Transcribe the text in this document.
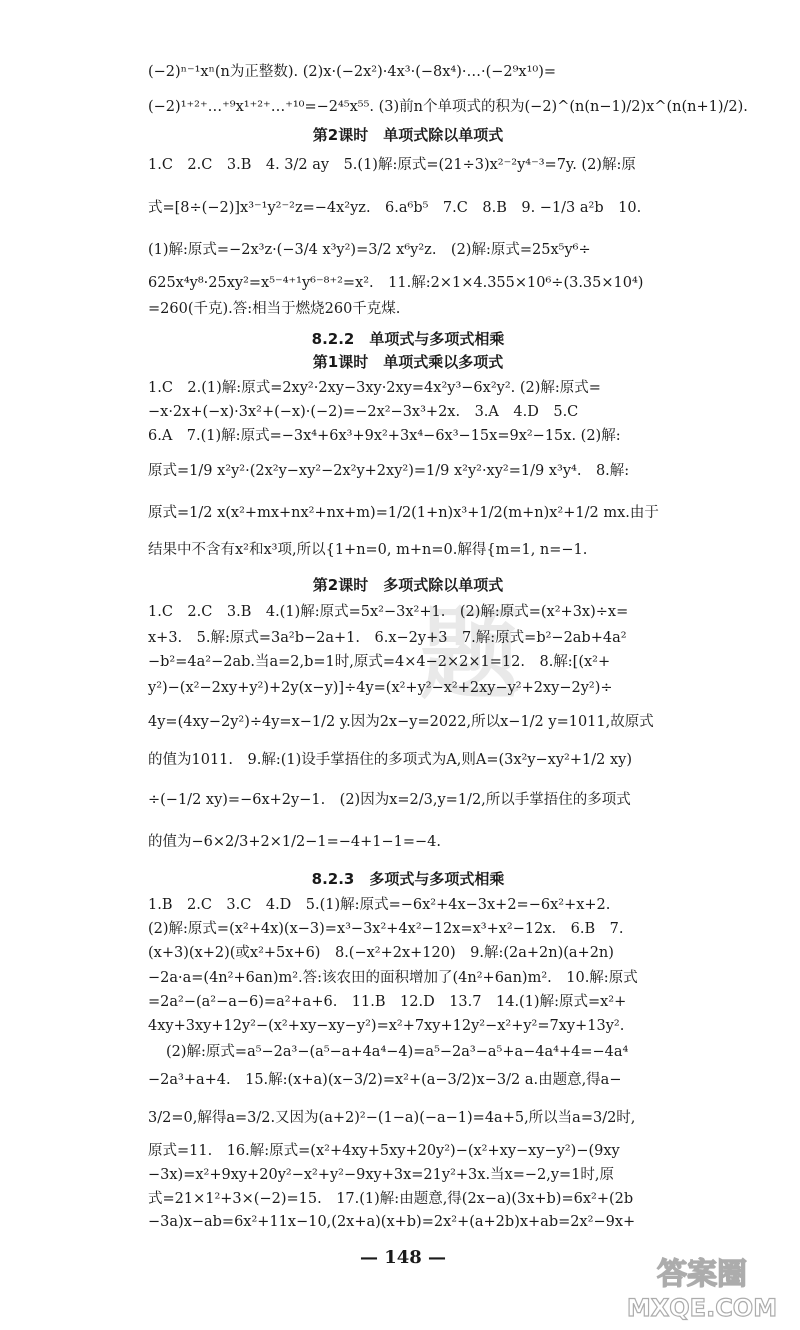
题
(−2)ⁿ⁻¹xⁿ(n为正整数). (2)x·(−2x²)·4x³·(−8x⁴)·…·(−2⁹x¹⁰)=
(−2)¹⁺²⁺…⁺⁹x¹⁺²⁺…⁺¹⁰=−2⁴⁵x⁵⁵. (3)前n个单项式的积为(−2)^(n(n−1)/2)x^(n(n+1)/2).
第2课时　单项式除以单项式
1.C　2.C　3.B　4. 3/2 ay　5.(1)解:原式=(21÷3)x²⁻²y⁴⁻³=7y. (2)解:原
式=[8÷(−2)]x³⁻¹y²⁻²z=−4x²yz.　6.a⁶b⁵　7.C　8.B　9. −1/3 a²b　10.
(1)解:原式=−2x³z·(−3/4 x³y²)=3/2 x⁶y²z.　(2)解:原式=25x⁵y⁶÷
625x⁴y⁸·25xy²=x⁵⁻⁴⁺¹y⁶⁻⁸⁺²=x².　11.解:2×1×4.355×10⁶÷(3.35×10⁴)
=260(千克).答:相当于燃烧260千克煤.
8.2.2　单项式与多项式相乘
第1课时　单项式乘以多项式
1.C　2.(1)解:原式=2xy²·2xy−3xy·2xy=4x²y³−6x²y². (2)解:原式=
−x·2x+(−x)·3x²+(−x)·(−2)=−2x²−3x³+2x.　3.A　4.D　5.C
6.A　7.(1)解:原式=−3x⁴+6x³+9x²+3x⁴−6x³−15x=9x²−15x. (2)解:
原式=1/9 x²y²·(2x²y−xy²−2x²y+2xy²)=1/9 x²y²·xy²=1/9 x³y⁴.　8.解:
原式=1/2 x(x²+mx+nx²+nx+m)=1/2(1+n)x³+1/2(m+n)x²+1/2 mx.由于
结果中不含有x²和x³项,所以{1+n=0, m+n=0.解得{m=1, n=−1.
第2课时　多项式除以单项式
1.C　2.C　3.B　4.(1)解:原式=5x²−3x²+1.　(2)解:原式=(x²+3x)÷x=
x+3.　5.解:原式=3a²b−2a+1.　6.x−2y+3　7.解:原式=b²−2ab+4a²
−b²=4a²−2ab.当a=2,b=1时,原式=4×4−2×2×1=12.　8.解:[(x²+
y²)−(x²−2xy+y²)+2y(x−y)]÷4y=(x²+y²−x²+2xy−y²+2xy−2y²)÷
4y=(4xy−2y²)÷4y=x−1/2 y.因为2x−y=2022,所以x−1/2 y=1011,故原式
的值为1011.　9.解:(1)设手掌捂住的多项式为A,则A=(3x²y−xy²+1/2 xy)
÷(−1/2 xy)=−6x+2y−1.　(2)因为x=2/3,y=1/2,所以手掌捂住的多项式
的值为−6×2/3+2×1/2−1=−4+1−1=−4.
8.2.3　多项式与多项式相乘
1.B　2.C　3.C　4.D　5.(1)解:原式=−6x²+4x−3x+2=−6x²+x+2.
(2)解:原式=(x²+4x)(x−3)=x³−3x²+4x²−12x=x³+x²−12x.　6.B　7.
(x+3)(x+2)(或x²+5x+6)　8.(−x²+2x+120)　9.解:(2a+2n)(a+2n)
−2a·a=(4n²+6an)m².答:该农田的面积增加了(4n²+6an)m².　10.解:原式
=2a²−(a²−a−6)=a²+a+6.　11.B　12.D　13.7　14.(1)解:原式=x²+
4xy+3xy+12y²−(x²+xy−xy−y²)=x²+7xy+12y²−x²+y²=7xy+13y².
(2)解:原式=a⁵−2a³−(a⁵−a+4a⁴−4)=a⁵−2a³−a⁵+a−4a⁴+4=−4a⁴
−2a³+a+4.　15.解:(x+a)(x−3/2)=x²+(a−3/2)x−3/2 a.由题意,得a−
3/2=0,解得a=3/2.又因为(a+2)²−(1−a)(−a−1)=4a+5,所以当a=3/2时,
原式=11.　16.解:原式=(x²+4xy+5xy+20y²)−(x²+xy−xy−y²)−(9xy
−3x)=x²+9xy+20y²−x²+y²−9xy+3x=21y²+3x.当x=−2,y=1时,原
式=21×1²+3×(−2)=15.　17.(1)解:由题意,得(2x−a)(3x+b)=6x²+(2b
−3a)x−ab=6x²+11x−10,(2x+a)(x+b)=2x²+(a+2b)x+ab=2x²−9x+
— 148 —	答案圈
MXQE.COM
